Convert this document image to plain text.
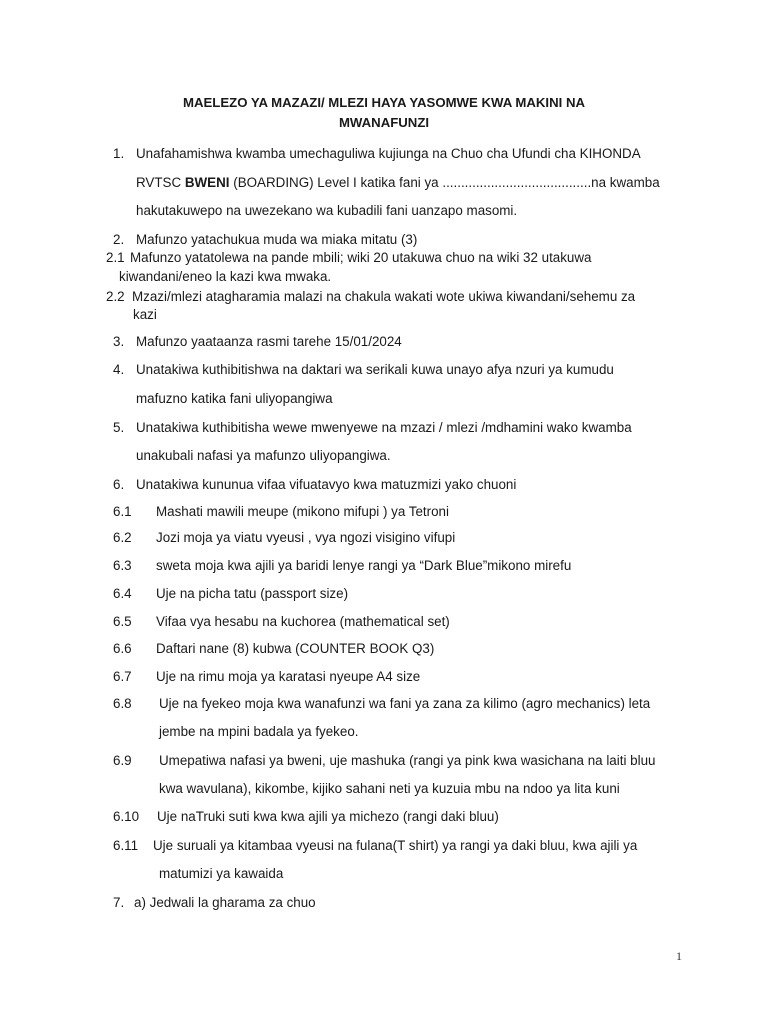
MAELEZO YA MAZAZI/ MLEZI HAYA YASOMWE KWA MAKINI NA
MWANAFUNZI
1. Unafahamishwa kwamba umechaguliwa kujiunga na Chuo cha Ufundi cha KIHONDA
RVTSC BWENI (BOARDING) Level I katika fani ya ........................................na kwamba
hakutakuwepo na uwezekano wa kubadili fani uanzapo masomi.
2. Mafunzo yatachukua muda wa miaka mitatu (3)
2.1 Mafunzo yatatolewa na pande mbili; wiki 20 utakuwa chuo na wiki 32 utakuwa
kiwandani/eneo la kazi kwa mwaka.
2.2 Mzazi/mlezi atagharamia malazi na chakula wakati wote ukiwa kiwandani/sehemu za
kazi
3. Mafunzo yaataanza rasmi tarehe 15/01/2024
4. Unatakiwa kuthibitishwa na daktari wa serikali kuwa unayo afya nzuri ya kumudu
mafuzno katika fani uliyopangiwa
5. Unatakiwa kuthibitisha wewe mwenyewe na mzazi / mlezi /mdhamini wako kwamba
unakubali nafasi ya mafunzo uliyopangiwa.
6. Unatakiwa kununua vifaa vifuatavyo kwa matuzmizi yako chuoni
6.1 Mashati mawili meupe (mikono mifupi ) ya Tetroni
6.2 Jozi moja ya viatu vyeusi , vya ngozi visigino vifupi
6.3 sweta moja kwa ajili ya baridi lenye rangi ya “Dark Blue”mikono mirefu
6.4 Uje na picha tatu (passport size)
6.5 Vifaa vya hesabu na kuchorea (mathematical set)
6.6 Daftari nane (8) kubwa (COUNTER BOOK Q3)
6.7 Uje na rimu moja ya karatasi nyeupe A4 size
6.8 Uje na fyekeo moja kwa wanafunzi wa fani ya zana za kilimo (agro mechanics) leta
jembe na mpini badala ya fyekeo.
6.9 Umepatiwa nafasi ya bweni, uje mashuka (rangi ya pink kwa wasichana na laiti bluu
kwa wavulana), kikombe, kijiko sahani neti ya kuzuia mbu na ndoo ya lita kuni
6.10 Uje naTruki suti kwa kwa ajili ya michezo (rangi daki bluu)
6.11 Uje suruali ya kitambaa vyeusi na fulana(T shirt) ya rangi ya daki bluu, kwa ajili ya
matumizi ya kawaida
7. a) Jedwali la gharama za chuo
1
